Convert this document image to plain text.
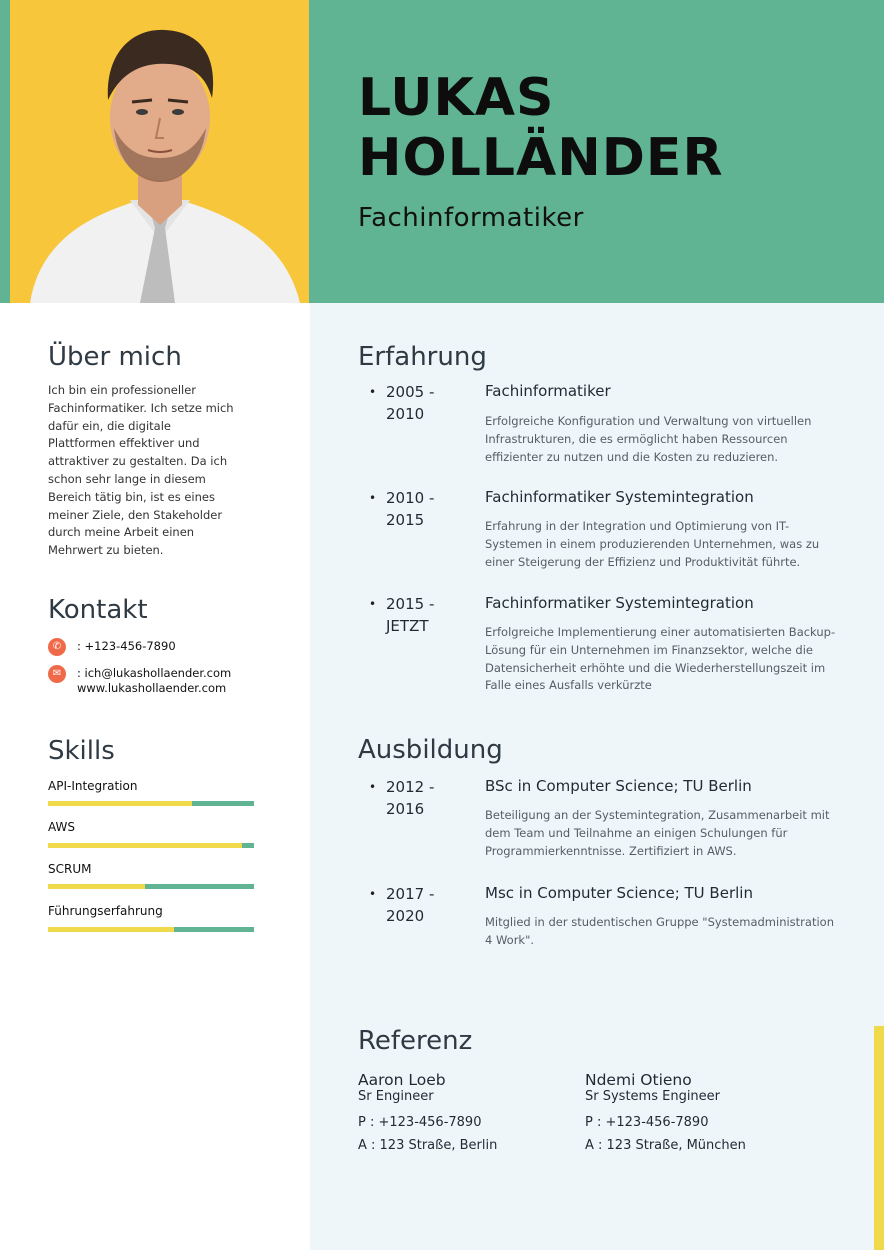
LUKAS
HOLLÄNDER

Fachinformatiker

Über mich

Ich bin ein professioneller Fachinformatiker. Ich setze mich dafür ein, die digitale Plattformen effektiver und attraktiver zu gestalten. Da ich schon sehr lange in diesem Bereich tätig bin, ist es eines meiner Ziele, den Stakeholder durch meine Arbeit einen Mehrwert zu bieten.

Kontakt
✆	: +123-456-7890
✉	: ich@lukashollaender.com
www.lukashollaender.com
Skills
API-Integration
AWS
SCRUM
Führungserfahrung
Erfahrung
• 2005 -
2010
Fachinformatiker
Erfolgreiche Konfiguration und Verwaltung von virtuellen Infrastrukturen, die es ermöglicht haben Ressourcen effizienter zu nutzen und die Kosten zu reduzieren.
• 2010 -
2015
Fachinformatiker Systemintegration
Erfahrung in der Integration und Optimierung von IT-Systemen in einem produzierenden Unternehmen, was zu einer Steigerung der Effizienz und Produktivität führte.
• 2015 -
JETZT
Fachinformatiker Systemintegration
Erfolgreiche Implementierung einer automatisierten Backup-Lösung für ein Unternehmen im Finanzsektor, welche die Datensicherheit erhöhte und die Wiederherstellungszeit im Falle eines Ausfalls verkürzte
Ausbildung
• 2012 -
2016
BSc in Computer Science; TU Berlin
Beteiligung an der Systemintegration, Zusammenarbeit mit dem Team und Teilnahme an einigen Schulungen für Programmierkenntnisse. Zertifiziert in AWS.
• 2017 -
2020
Msc in Computer Science; TU Berlin
Mitglied in der studentischen Gruppe "Systemadministration 4 Work".
Referenz
Aaron Loeb
Sr Engineer
P : +123-456-7890
A : 123 Straße, Berlin
Ndemi Otieno
Sr Systems Engineer
P : +123-456-7890
A : 123 Straße, München
